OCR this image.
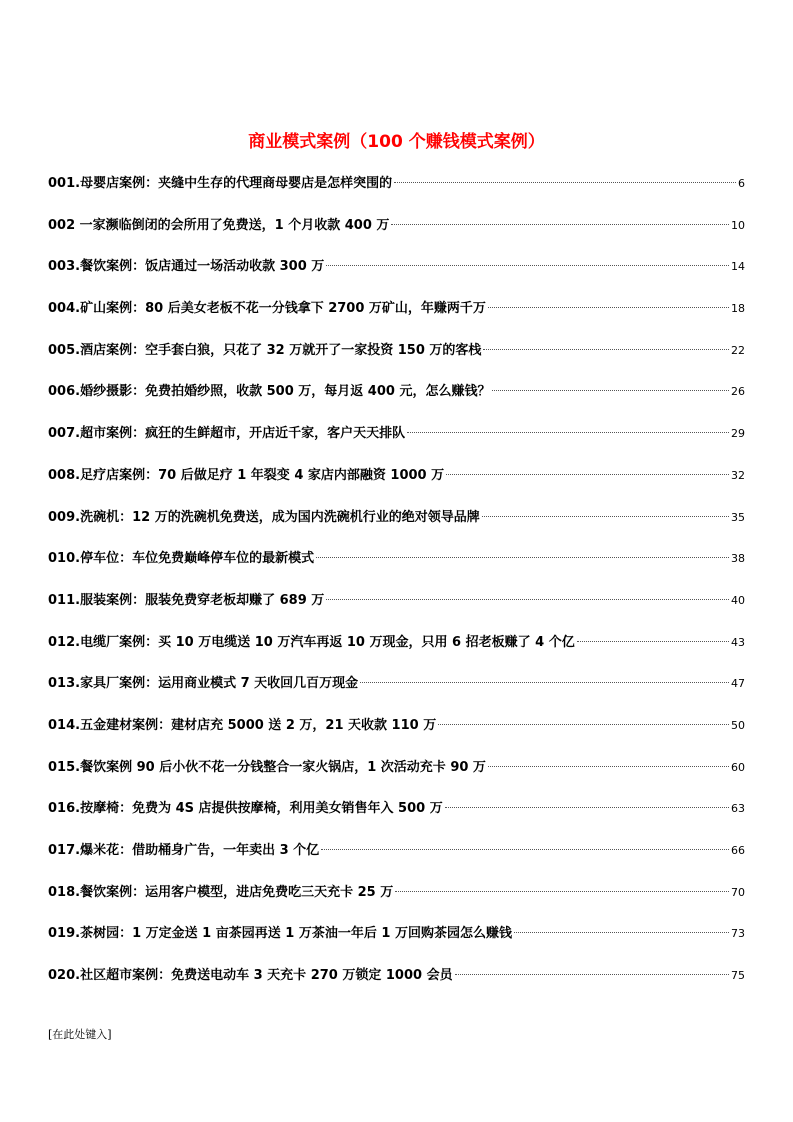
商业模式案例（100 个赚钱模式案例）
001.母婴店案例：夹缝中生存的代理商母婴店是怎样突围的	6
002 一家濒临倒闭的会所用了免费送，1 个月收款 400 万	10
003.餐饮案例：饭店通过一场活动收款 300 万	14
004.矿山案例：80 后美女老板不花一分钱拿下 2700 万矿山，年赚两千万	18
005.酒店案例：空手套白狼，只花了 32 万就开了一家投资 150 万的客栈	22
006.婚纱摄影：免费拍婚纱照，收款 500 万，每月返 400 元，怎么赚钱？	26
007.超市案例：疯狂的生鲜超市，开店近千家，客户天天排队	29
008.足疗店案例：70 后做足疗 1 年裂变 4 家店内部融资 1000 万	32
009.洗碗机：12 万的洗碗机免费送，成为国内洗碗机行业的绝对领导品牌	35
010.停车位：车位免费巅峰停车位的最新模式	38
011.服装案例：服装免费穿老板却赚了 689 万	40
012.电缆厂案例：买 10 万电缆送 10 万汽车再返 10 万现金，只用 6 招老板赚了 4 个亿	43
013.家具厂案例：运用商业模式 7 天收回几百万现金	47
014.五金建材案例：建材店充 5000 送 2 万，21 天收款 110 万	50
015.餐饮案例 90 后小伙不花一分钱整合一家火锅店，1 次活动充卡 90 万	60
016.按摩椅：免费为 4S 店提供按摩椅，利用美女销售年入 500 万	63
017.爆米花：借助桶身广告，一年卖出 3 个亿	66
018.餐饮案例：运用客户模型，进店免费吃三天充卡 25 万	70
019.茶树园：1 万定金送 1 亩茶园再送 1 万茶油一年后 1 万回购茶园怎么赚钱	73
020.社区超市案例：免费送电动车 3 天充卡 270 万锁定 1000 会员	75
[在此处键入]
